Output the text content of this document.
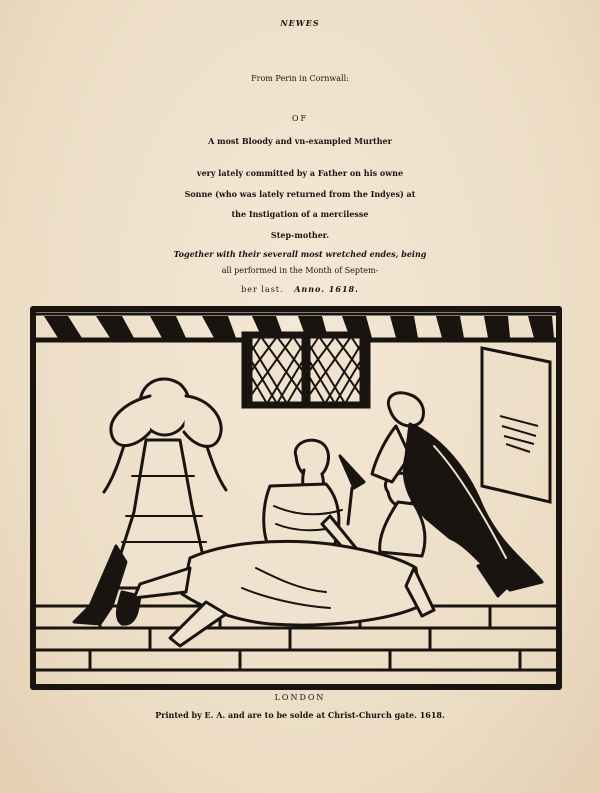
NEWES
From Perin in Cornwall:
OF
A most Bloody and vn-exampled Murther
very lately committed by a Father on his owne
Sonne (who was lately returned from the Indyes) at
the Instigation of a mercilesse
Step-mother.
Together with their severall most wretched endes, being
all performed in the Month of Septem-
ber last. Anno. 1618.
LONDON
Printed by E. A. and are to be solde at Christ-Church gate. 1618.
